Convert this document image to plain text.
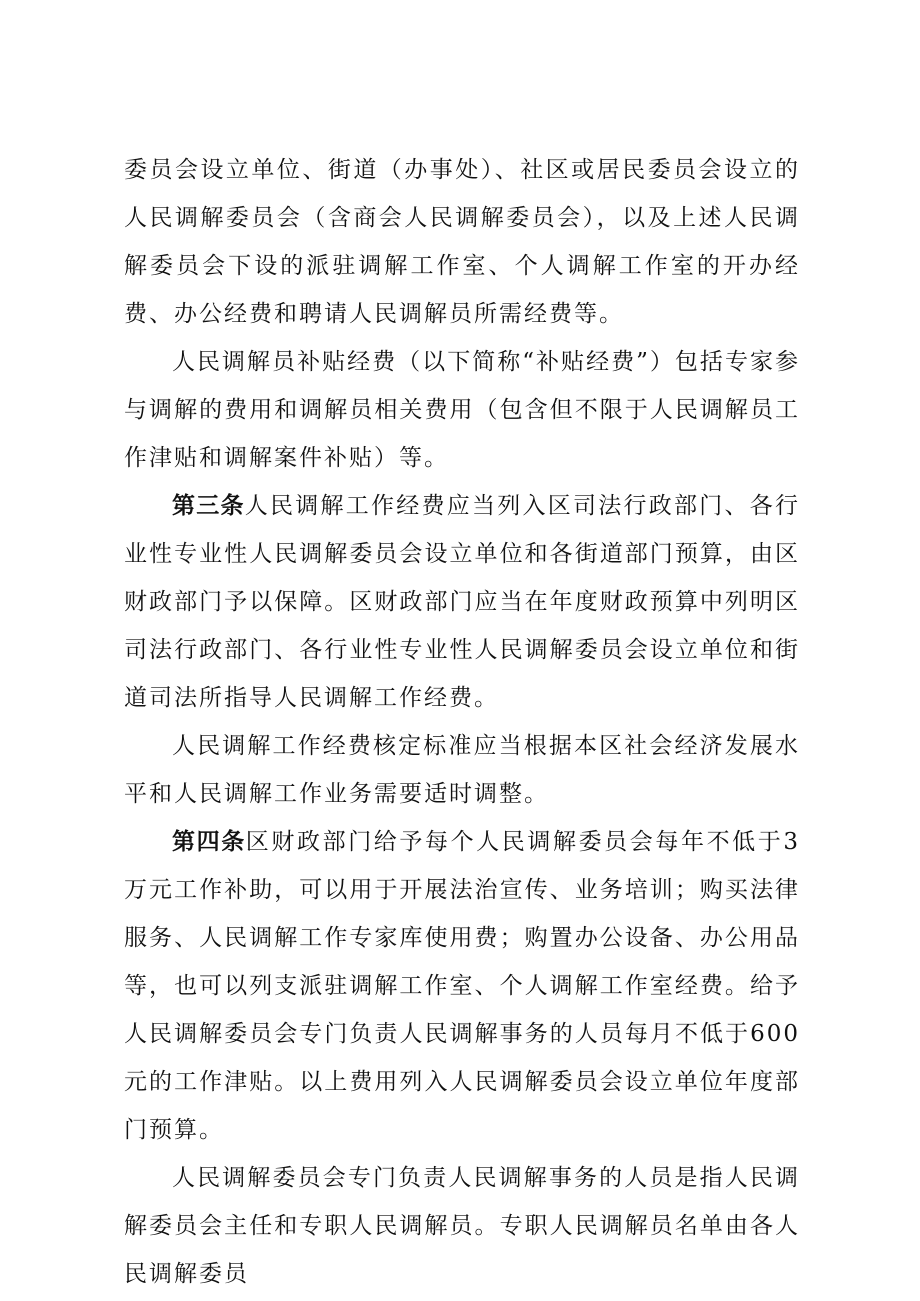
委员会设立单位、街道（办事处）、社区或居民委员会设立的人民调解委员会（含商会人民调解委员会），以及上述人民调解委员会下设的派驻调解工作室、个人调解工作室的开办经费、办公经费和聘请人民调解员所需经费等。

人民调解员补贴经费（以下简称“补贴经费”）包括专家参与调解的费用和调解员相关费用（包含但不限于人民调解员工作津贴和调解案件补贴）等。

第三条人民调解工作经费应当列入区司法行政部门、各行业性专业性人民调解委员会设立单位和各街道部门预算，由区财政部门予以保障。区财政部门应当在年度财政预算中列明区司法行政部门、各行业性专业性人民调解委员会设立单位和街道司法所指导人民调解工作经费。

人民调解工作经费核定标准应当根据本区社会经济发展水平和人民调解工作业务需要适时调整。

第四条区财政部门给予每个人民调解委员会每年不低于3万元工作补助，可以用于开展法治宣传、业务培训；购买法律服务、人民调解工作专家库使用费；购置办公设备、办公用品等，也可以列支派驻调解工作室、个人调解工作室经费。给予人民调解委员会专门负责人民调解事务的人员每月不低于600元的工作津贴。以上费用列入人民调解委员会设立单位年度部门预算。

人民调解委员会专门负责人民调解事务的人员是指人民调解委员会主任和专职人民调解员。专职人民调解员名单由各人民调解委员
